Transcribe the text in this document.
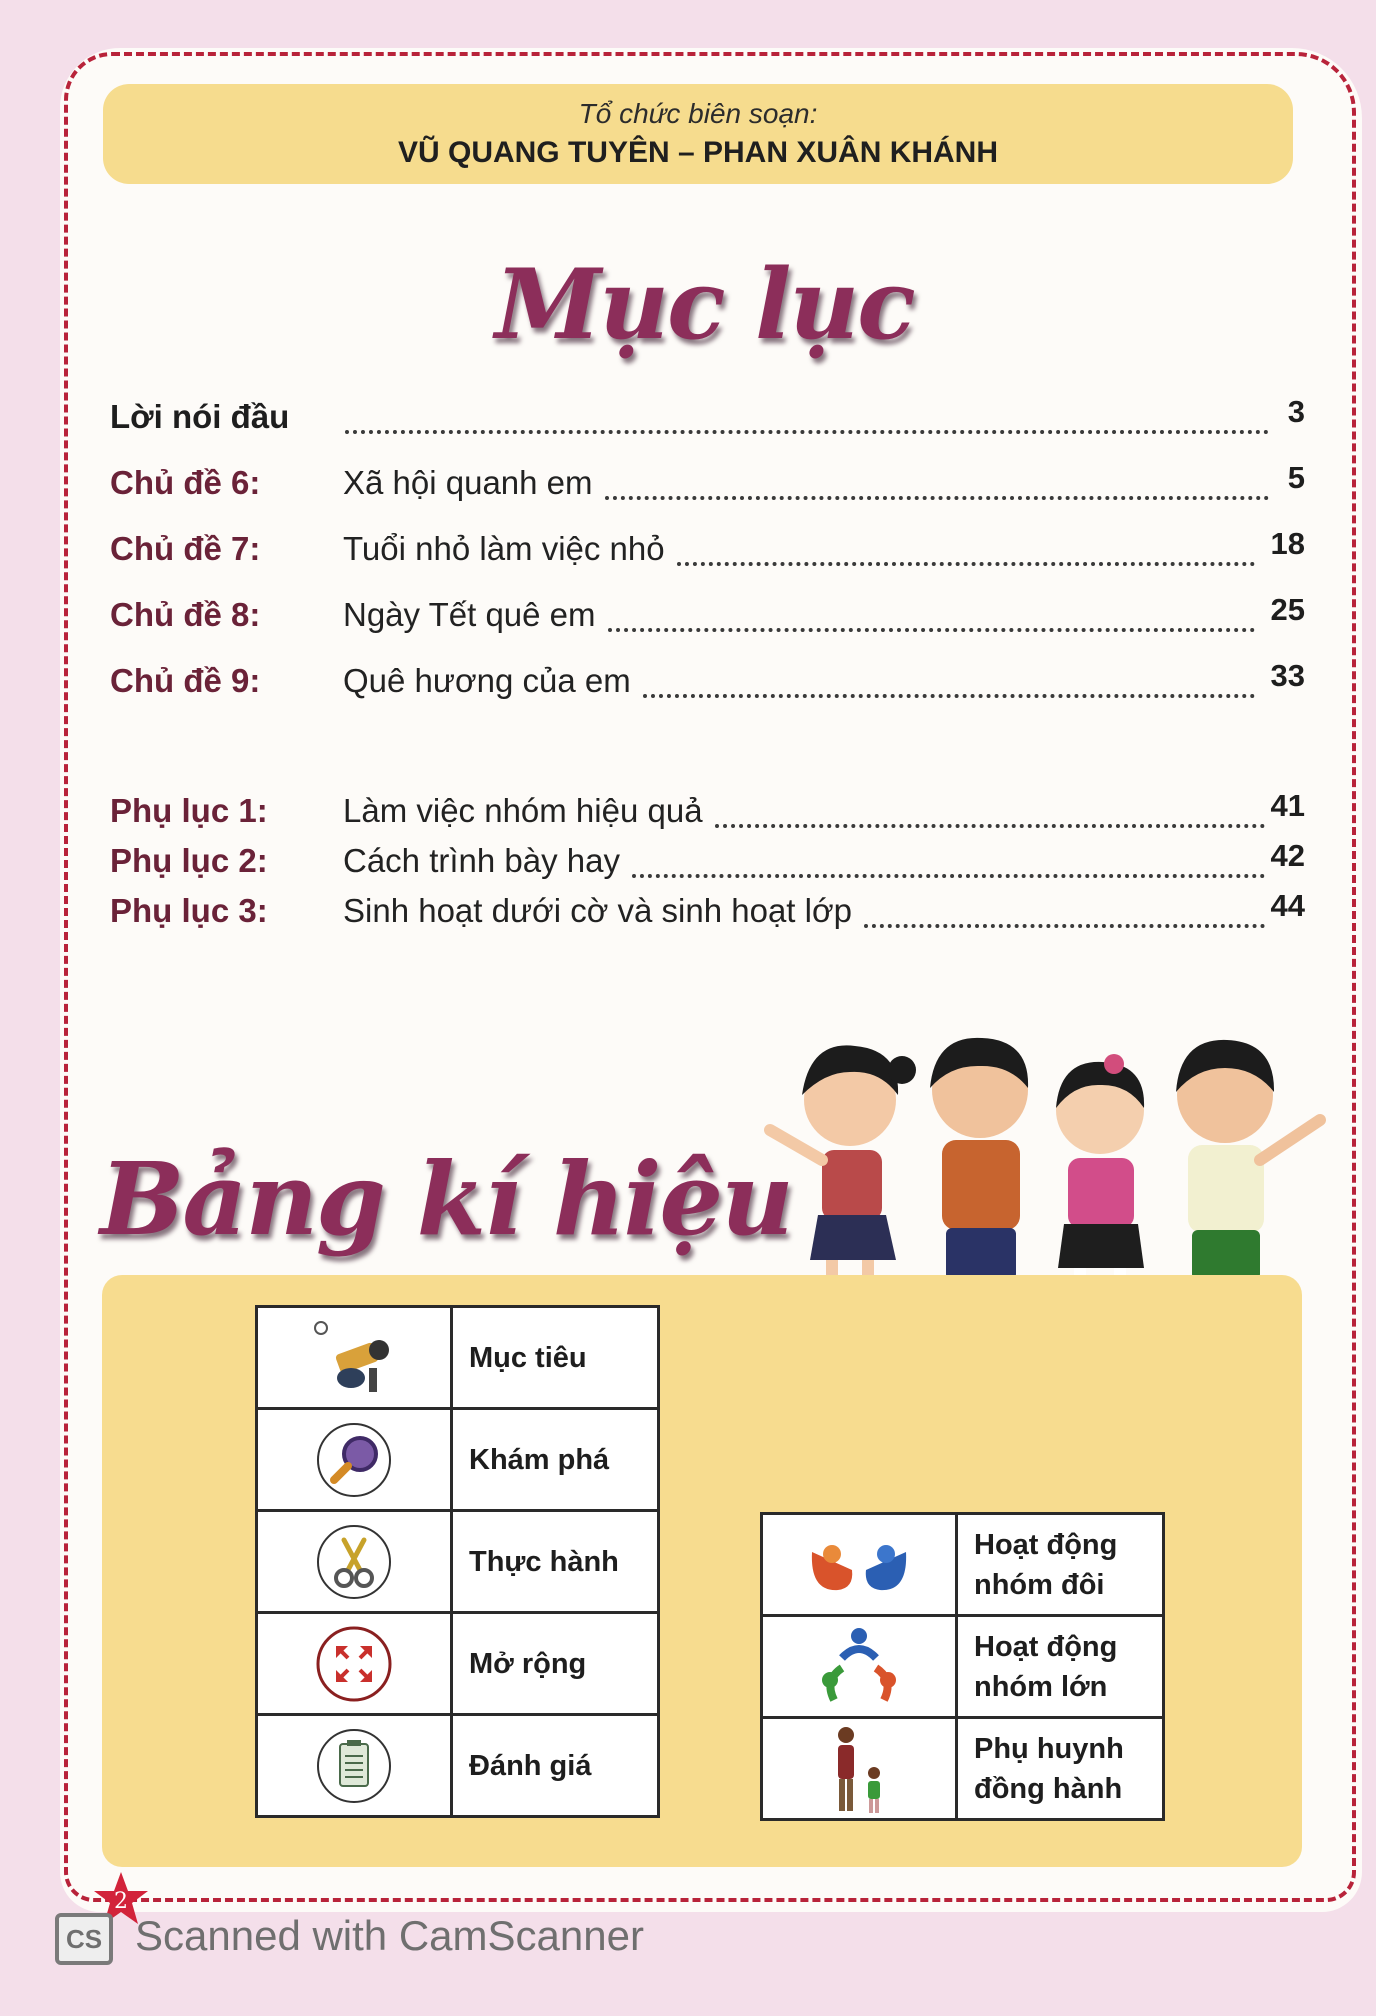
Tổ chức biên soạn:
VŨ QUANG TUYÊN – PHAN XUÂN KHÁNH
Mục lục
Lời nói đầu	3
Chủ đề 6:	Xã hội quanh em	5
Chủ đề 7:	Tuổi nhỏ làm việc nhỏ	18
Chủ đề 8:	Ngày Tết quê em	25
Chủ đề 9:	Quê hương của em	33
Phụ lục 1: Làm việc nhóm hiệu quả	41
Phụ lục 2: Cách trình bày hay	42
Phụ lục 3: Sinh hoạt dưới cờ và sinh hoạt lớp	44
Bảng kí hiệu
	Mục tiêu

	Khám phá

	Thực hành

	Mở rộng

	Đánh giá
	Hoạt động
nhóm đôi

	Hoạt động
nhóm lớn

	Phụ huynh
đồng hành
2
CS Scanned with CamScanner
